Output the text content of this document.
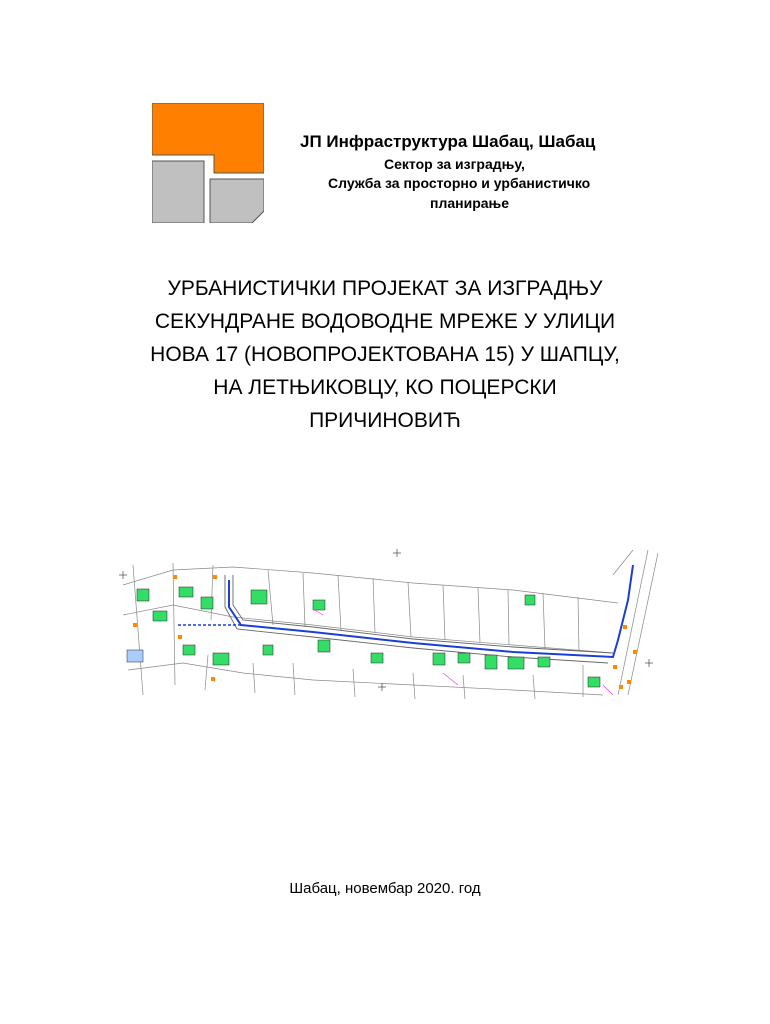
ЈП Инфраструктура Шабац, Шабац
Сектор за изградњу,
Служба за просторно и урбанистичко
планирање
УРБАНИСТИЧКИ ПРОЈЕКАТ ЗА ИЗГРАДЊУ
СЕКУНДРАНЕ ВОДОВОДНЕ МРЕЖЕ У УЛИЦИ
НОВА 17 (НОВОПРОЈЕКТОВАНА 15) У ШАПЦУ,
НА ЛЕТЊИКОВЦУ, КО ПОЦЕРСКИ
ПРИЧИНОВИЋ
Шабац, новембар 2020. год
